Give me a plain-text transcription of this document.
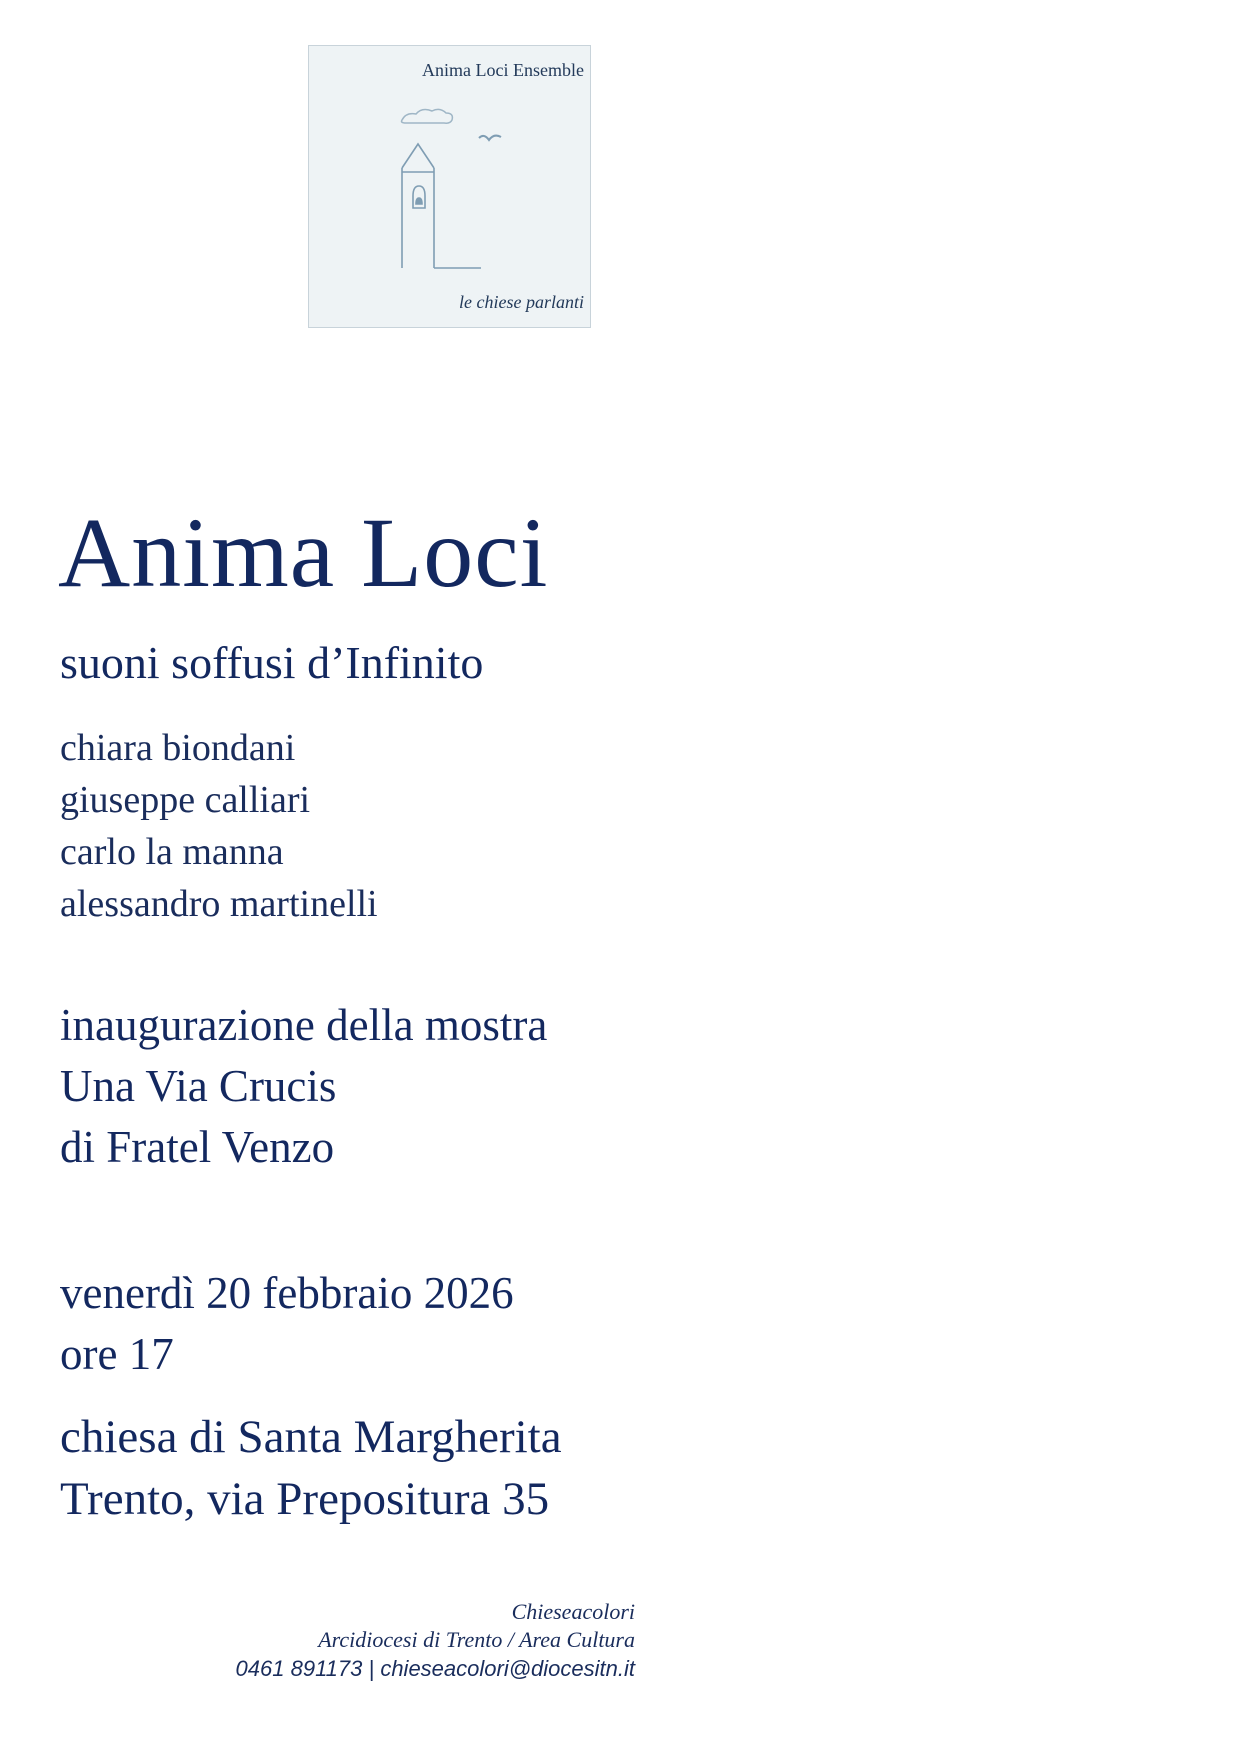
Anima Loci Ensemble
le chiese parlanti
Anima Loci
suoni soffusi d’Infinito
chiara biondani
giuseppe calliari
carlo la manna
alessandro martinelli
inaugurazione della mostra
Una Via Crucis
di Fratel Venzo
venerdì 20 febbraio 2026
ore 17
chiesa di Santa Margherita
Trento, via Prepositura 35
Chieseacolori
Arcidiocesi di Trento / Area Cultura
0461 891173 | chieseacolori@diocesitn.it
